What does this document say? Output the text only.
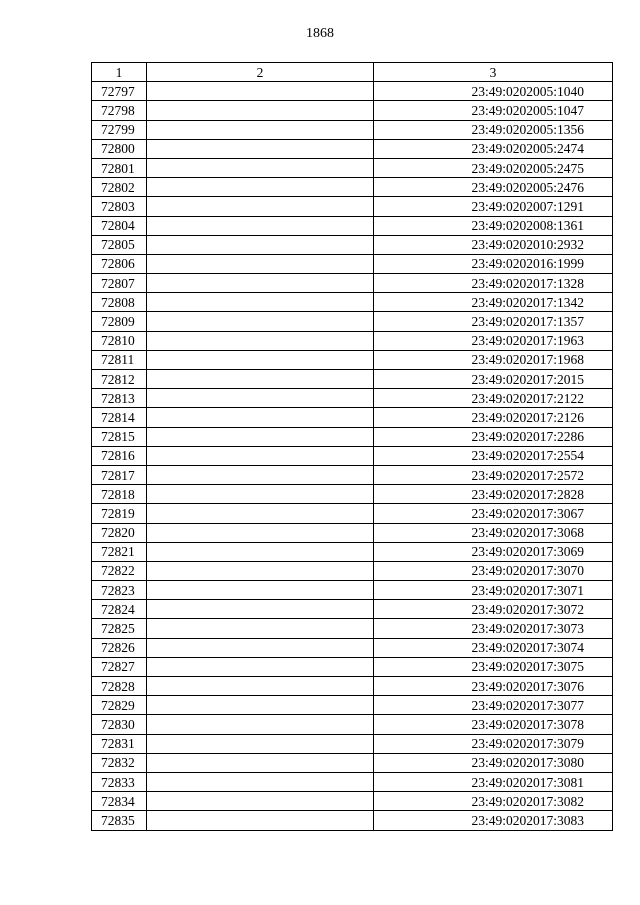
1868
1	2	3
72797		23:49:0202005:1040
72798		23:49:0202005:1047
72799		23:49:0202005:1356
72800		23:49:0202005:2474
72801		23:49:0202005:2475
72802		23:49:0202005:2476
72803		23:49:0202007:1291
72804		23:49:0202008:1361
72805		23:49:0202010:2932
72806		23:49:0202016:1999
72807		23:49:0202017:1328
72808		23:49:0202017:1342
72809		23:49:0202017:1357
72810		23:49:0202017:1963
72811		23:49:0202017:1968
72812		23:49:0202017:2015
72813		23:49:0202017:2122
72814		23:49:0202017:2126
72815		23:49:0202017:2286
72816		23:49:0202017:2554
72817		23:49:0202017:2572
72818		23:49:0202017:2828
72819		23:49:0202017:3067
72820		23:49:0202017:3068
72821		23:49:0202017:3069
72822		23:49:0202017:3070
72823		23:49:0202017:3071
72824		23:49:0202017:3072
72825		23:49:0202017:3073
72826		23:49:0202017:3074
72827		23:49:0202017:3075
72828		23:49:0202017:3076
72829		23:49:0202017:3077
72830		23:49:0202017:3078
72831		23:49:0202017:3079
72832		23:49:0202017:3080
72833		23:49:0202017:3081
72834		23:49:0202017:3082
72835		23:49:0202017:3083
